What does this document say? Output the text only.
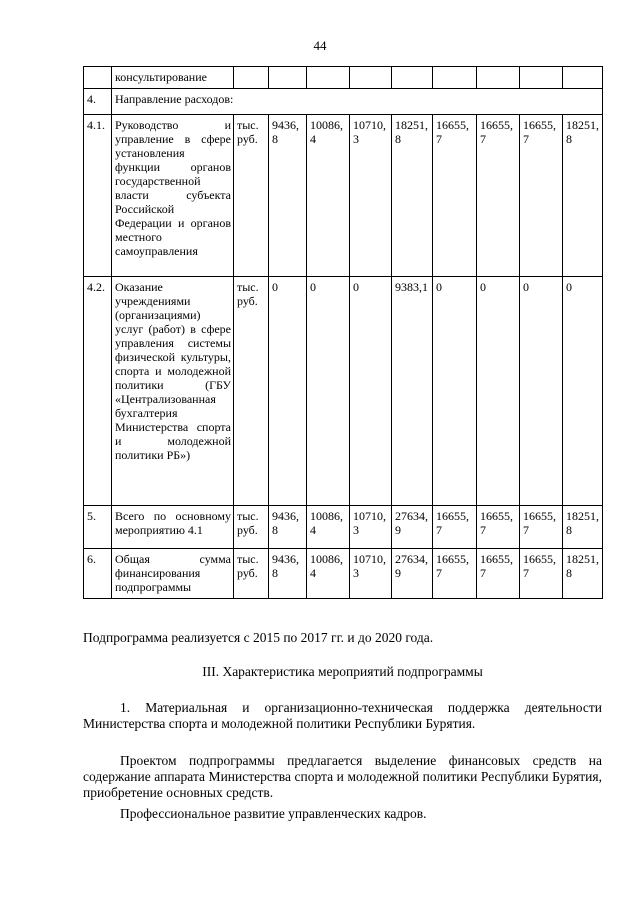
44
	консультирование									
4.	Направление расходов:									
4.1.	Руководство и управление в сфере установления функции органов государственной власти субъекта Российской Федерации и органов местного самоуправления	тыс. руб.	9436,8	10086,4	10710,3	18251,8	16655,7	16655,7	16655,7	18251,8
4.2.	Оказание учреждениями (организациями) услуг (работ) в сфере управления системы физической культуры, спорта и молодежной политики (ГБУ «Централизованная бухгалтерия Министерства спорта и молодежной политики РБ»)	тыс. руб.	0	0	0	9383,1	0	0	0	0
5.	Всего по основному мероприятию 4.1	тыс. руб.	9436,8	10086,4	10710,3	27634,9	16655,7	16655,7	16655,7	18251,8
6.	Общая сумма финансирования подпрограммы	тыс. руб.	9436,8	10086,4	10710,3	27634,9	16655,7	16655,7	16655,7	18251,8
Подпрограмма реализуется с 2015 по 2017 гг. и до 2020 года.
III. Характеристика мероприятий подпрограммы
1. Материальная и организационно-техническая поддержка деятельности Министерства спорта и молодежной политики Республики Бурятия.
Проектом подпрограммы предлагается выделение финансовых средств на содержание аппарата Министерства спорта и молодежной политики Республики Бурятия, приобретение основных средств.
Профессиональное развитие управленческих кадров.
